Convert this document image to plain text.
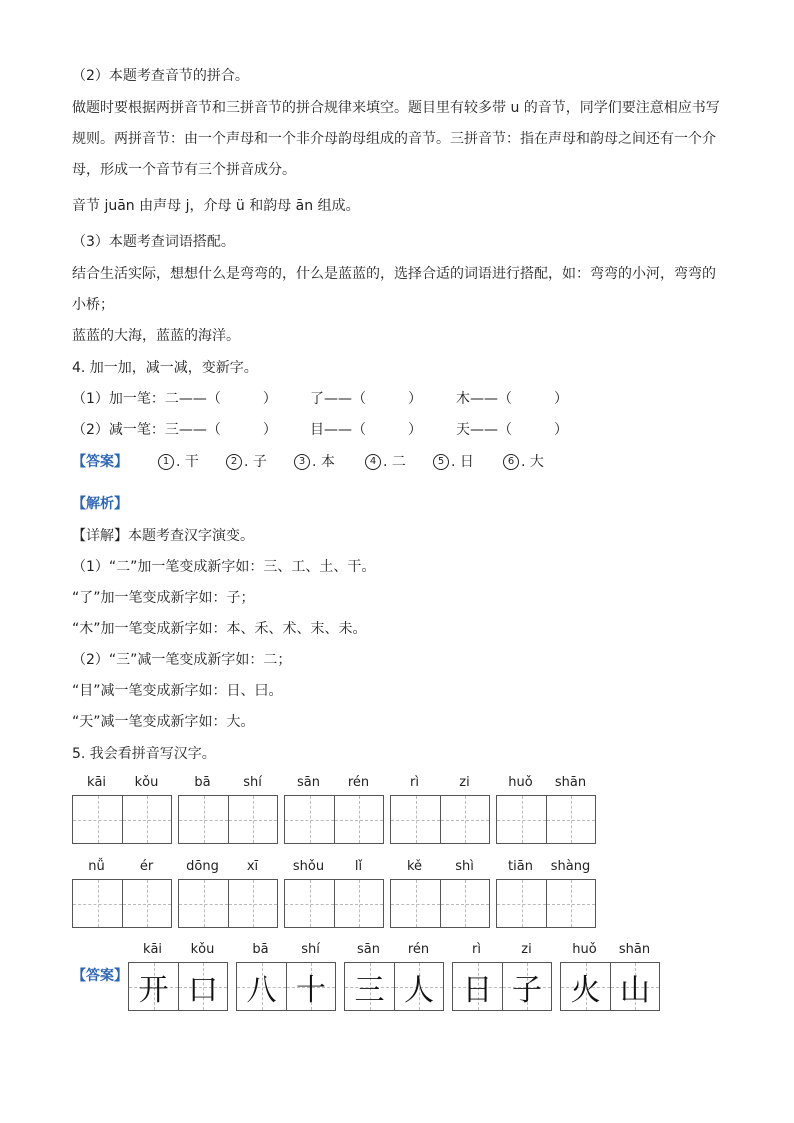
（2）本题考查音节的拼合。
做题时要根据两拼音节和三拼音节的拼合规律来填空。题目里有较多带 u 的音节，同学们要注意相应书写
规则。两拼音节：由一个声母和一个非介母韵母组成的音节。三拼音节：指在声母和韵母之间还有一个介
母，形成一个音节有三个拼音成分。
音节 juān 由声母 j，介母 ü 和韵母 ān 组成。
（3）本题考查词语搭配。
结合生活实际，想想什么是弯弯的，什么是蓝蓝的，选择合适的词语进行搭配，如：弯弯的小河，弯弯的
小桥；
蓝蓝的大海，蓝蓝的海洋。
4. 加一加，减一减，变新字。
（1）加一笔：二——（　　　） 了——（　　　） 木——（　　　）
（2）减一笔：三——（　　　） 目——（　　　） 天——（　　　）
【答案】	1 . 干	2 . 子	3 . 本	4 . 二	5 . 日	6 . 大
【解析】
【详解】本题考查汉字演变。
（1）“二”加一笔变成新字如：三、工、土、干。
“了”加一笔变成新字如：子；
“木”加一笔变成新字如：本、禾、术、末、未。
（2）“三”减一笔变成新字如：二；
“目”减一笔变成新字如：日、曰。
“天”减一笔变成新字如：大。
5. 我会看拼音写汉字。
kāi	kǒu	bā	shí	sān	rén	rì	zi	huǒ	shān
nǚ	ér	dōng	xī	shǒu	lǐ	kě	shì	tiān	shàng
【答案】
kāi	kǒu
开 口
bā	shí
八 十
sān	rén
三 人
rì	zi
日 子
huǒ	shān
火 山
